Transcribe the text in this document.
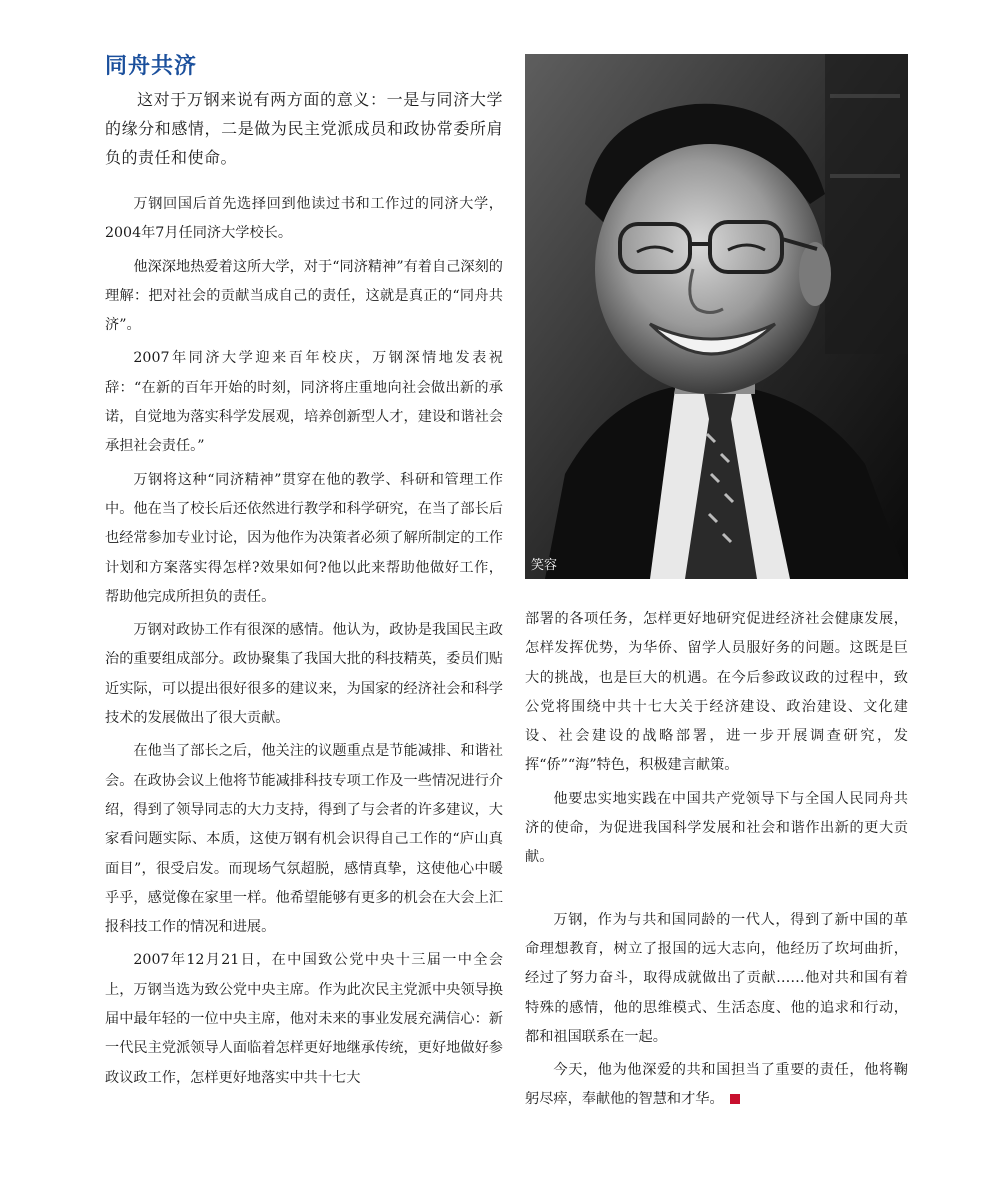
同舟共济

这对于万钢来说有两方面的意义：一是与同济大学的缘分和感情，二是做为民主党派成员和政协常委所肩负的责任和使命。

万钢回国后首先选择回到他读过书和工作过的同济大学，2004年7月任同济大学校长。

他深深地热爱着这所大学，对于“同济精神”有着自己深刻的理解：把对社会的贡献当成自己的责任，这就是真正的“同舟共济”。

2007年同济大学迎来百年校庆，万钢深情地发表祝辞：“在新的百年开始的时刻，同济将庄重地向社会做出新的承诺，自觉地为落实科学发展观，培养创新型人才，建设和谐社会承担社会责任。”

万钢将这种“同济精神”贯穿在他的教学、科研和管理工作中。他在当了校长后还依然进行教学和科学研究，在当了部长后也经常参加专业讨论，因为他作为决策者必须了解所制定的工作计划和方案落实得怎样?效果如何?他以此来帮助他做好工作，帮助他完成所担负的责任。

万钢对政协工作有很深的感情。他认为，政协是我国民主政治的重要组成部分。政协聚集了我国大批的科技精英，委员们贴近实际，可以提出很好很多的建议来，为国家的经济社会和科学技术的发展做出了很大贡献。

在他当了部长之后，他关注的议题重点是节能减排、和谐社会。在政协会议上他将节能减排科技专项工作及一些情况进行介绍，得到了领导同志的大力支持，得到了与会者的许多建议，大家看问题实际、本质，这使万钢有机会识得自己工作的“庐山真面目”，很受启发。而现场气氛超脱，感情真挚，这使他心中暖乎乎，感觉像在家里一样。他希望能够有更多的机会在大会上汇报科技工作的情况和进展。

2007年12月21日，在中国致公党中央十三届一中全会上，万钢当选为致公党中央主席。作为此次民主党派中央领导换届中最年轻的一位中央主席，他对未来的事业发展充满信心：新一代民主党派领导人面临着怎样更好地继承传统，更好地做好参政议政工作，怎样更好地落实中共十七大

笑容

部署的各项任务，怎样更好地研究促进经济社会健康发展，怎样发挥优势，为华侨、留学人员服好务的问题。这既是巨大的挑战，也是巨大的机遇。在今后参政议政的过程中，致公党将围绕中共十七大关于经济建设、政治建设、文化建设、社会建设的战略部署，进一步开展调查研究，发挥“侨”“海”特色，积极建言献策。

他要忠实地实践在中国共产党领导下与全国人民同舟共济的使命，为促进我国科学发展和社会和谐作出新的更大贡献。

万钢，作为与共和国同龄的一代人，得到了新中国的革命理想教育，树立了报国的远大志向，他经历了坎坷曲折，经过了努力奋斗，取得成就做出了贡献……他对共和国有着特殊的感情，他的思维模式、生活态度、他的追求和行动，都和祖国联系在一起。

今天，他为他深爱的共和国担当了重要的责任，他将鞠躬尽瘁，奉献他的智慧和才华。
